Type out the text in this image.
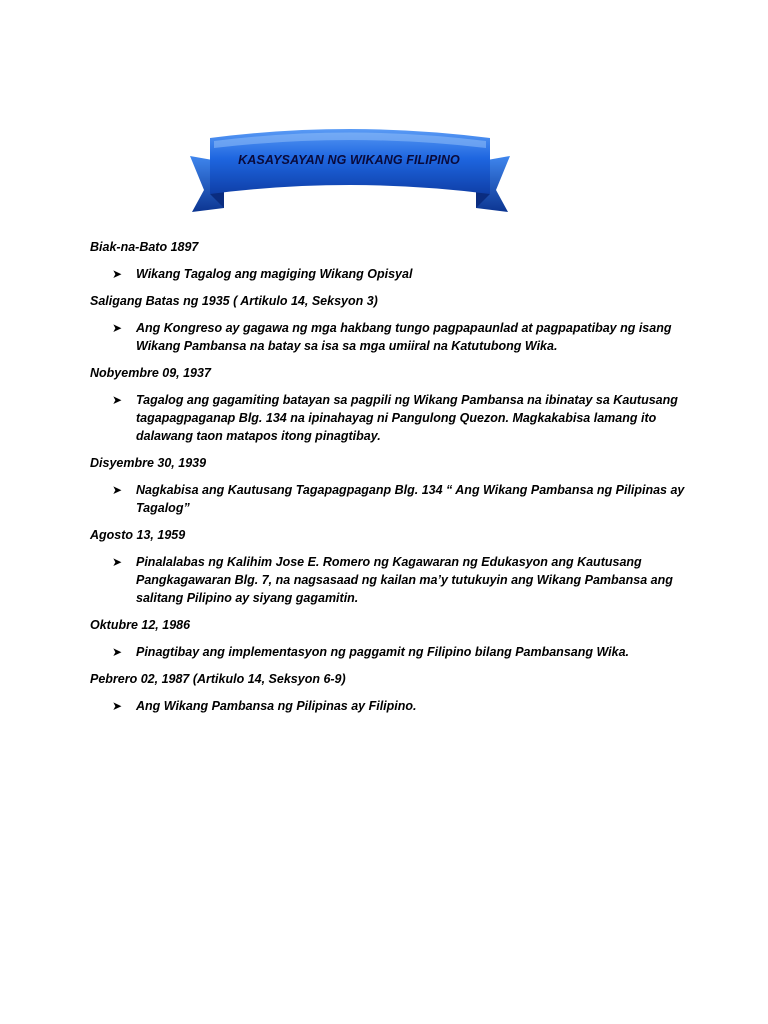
KASAYSAYAN NG WIKANG FILIPINO

Biak-na-Bato 1897

➤ Wikang Tagalog ang magiging Wikang Opisyal

Saligang Batas ng 1935 ( Artikulo 14, Seksyon 3)

➤ Ang Kongreso ay gagawa ng mga hakbang tungo pagpapaunlad at pagpapatibay ng isang Wikang Pambansa na batay sa isa sa mga umiiral na Katutubong Wika.

Nobyembre 09, 1937

➤ Tagalog ang gagamiting batayan sa pagpili ng Wikang Pambansa na ibinatay sa Kautusang tagapagpaganap Blg. 134 na ipinahayag ni Pangulong Quezon. Magkakabisa lamang ito dalawang taon matapos itong pinagtibay.

Disyembre 30, 1939

➤ Nagkabisa ang Kautusang Tagapagpaganp Blg. 134 “ Ang Wikang Pambansa ng Pilipinas ay Tagalog”

Agosto 13, 1959

➤ Pinalalabas ng Kalihim Jose E. Romero ng Kagawaran ng Edukasyon ang Kautusang Pangkagawaran Blg. 7, na nagsasaad ng kailan ma’y tutukuyin ang Wikang Pambansa ang salitang Pilipino ay siyang gagamitin.

Oktubre 12, 1986

➤ Pinagtibay ang implementasyon ng paggamit ng Filipino bilang Pambansang Wika.

Pebrero 02, 1987 (Artikulo 14, Seksyon 6-9)

➤ Ang Wikang Pambansa ng Pilipinas ay Filipino.
